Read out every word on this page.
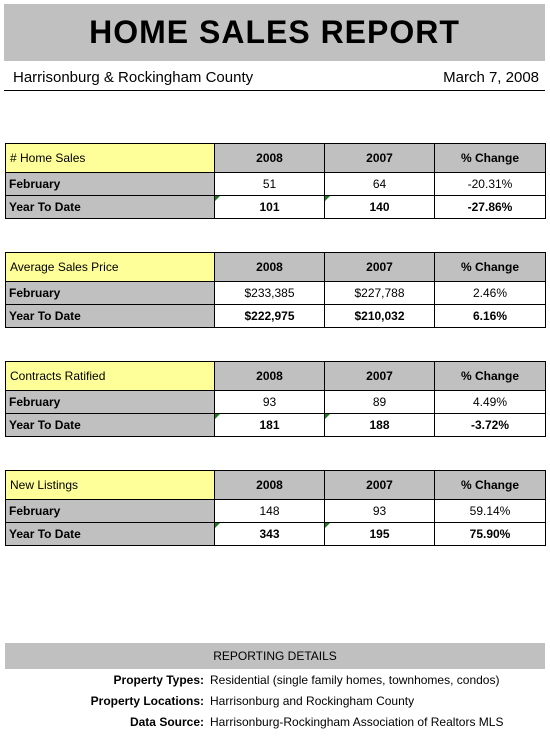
HOME SALES REPORT
Harrisonburg & Rockingham County	March 7, 2008
# Home Sales	2008	2007	% Change
February	51	64	-20.31%
Year To Date	101	140	-27.86%
Average Sales Price	2008	2007	% Change
February	$233,385	$227,788	2.46%
Year To Date	$222,975	$210,032	6.16%
Contracts Ratified	2008	2007	% Change
February	93	89	4.49%
Year To Date	181	188	-3.72%
New Listings	2008	2007	% Change
February	148	93	59.14%
Year To Date	343	195	75.90%
REPORTING DETAILS
Property Types: Residential (single family homes, townhomes, condos)
Property Locations: Harrisonburg and Rockingham County
Data Source: Harrisonburg-Rockingham Association of Realtors MLS
